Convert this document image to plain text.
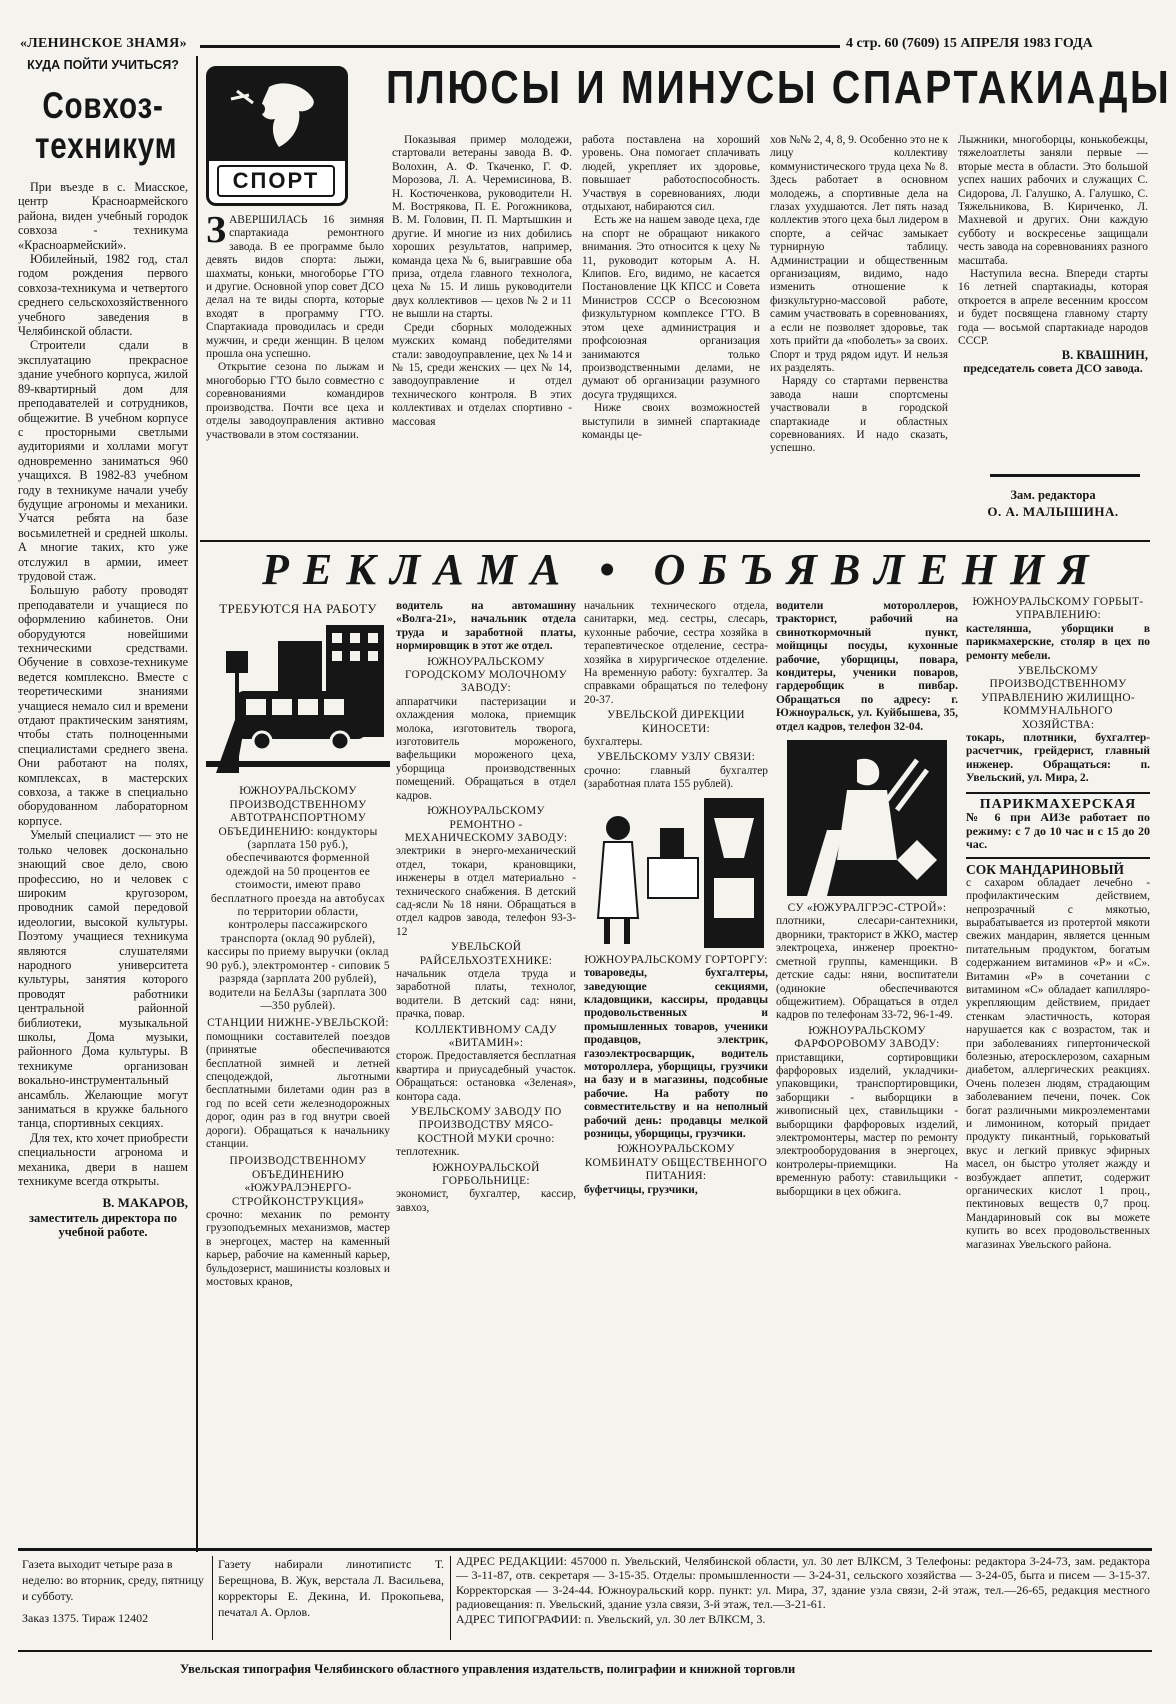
«ЛЕНИНСКОЕ ЗНАМЯ»	4 стр. 60 (7609) 15 АПРЕЛЯ 1983 ГОДА
КУДА ПОЙТИ УЧИТЬСЯ?
Совхоз-
техникум

При въезде в с. Миасское, центр Красноармейского района, виден учебный городок совхоза - техникума «Красноармейский».

Юбилейный, 1982 год, стал годом рождения первого совхоза-техникума и четвертого среднего сельскохозяйственного учебного заведения в Челябинской области.

Строители сдали в эксплуатацию прекрасное здание учебного корпуса, жилой 89-квартирный дом для преподавателей и сотрудников, общежитие. В учебном корпусе с просторными светлыми аудиториями и холлами могут одновременно заниматься 960 учащихся. В 1982-83 учебном году в техникуме начали учебу будущие агрономы и механики. Учатся ребята на базе восьмилетней и средней школы. А многие таких, кто уже отслужил в армии, имеет трудовой стаж.

Большую работу проводят преподаватели и учащиеся по оформлению кабинетов. Они оборудуются новейшими техническими средствами. Обучение в совхозе-техникуме ведется комплексно. Вместе с теоретическими знаниями учащиеся немало сил и времени отдают практическим занятиям, чтобы стать полноценными специалистами среднего звена. Они работают на полях, комплексах, в мастерских совхоза, а также в специально оборудованном лабораторном корпусе.

Умелый специалист — это не только человек досконально знающий свое дело, свою профессию, но и человек с широким кругозором, проводник самой передовой идеологии, высокой культуры. Поэтому учащиеся техникума являются слушателями народного университета культуры, занятия которого проводят работники центральной районной библиотеки, музыкальной школы, Дома музыки, районного Дома культуры. В техникуме организован вокально-инструментальный ансамбль. Желающие могут заниматься в кружке бального танца, спортивных секциях.

Для тех, кто хочет приобрести специальности агронома и механика, двери в нашем техникуме всегда открыты.

В. МАКАРОВ,
заместитель директора по учебной работе.
СПОРТ
ПЛЮСЫ И МИНУСЫ СПАРТАКИАДЫ
З АВЕРШИЛАСЬ 16 зимняя спартакиада ремонтного завода. В ее программе было девять видов спорта: лыжи, шахматы, коньки, многоборье ГТО и другие. Основной упор совет ДСО делал на те виды спорта, которые входят в программу ГТО. Спартакиада проводилась и среди мужчин, и среди женщин. В целом прошла она успешно.

Открытие сезона по лыжам и многоборью ГТО было совместно с соревнованиями командиров производства. Почти все цеха и отделы заводоуправления активно участвовали в этом состязании.

Показывая пример молодежи, стартовали ветераны завода В. Ф. Волохин, А. Ф. Ткаченко, Г. Ф. Морозова, Л. А. Черемисинова, В. Н. Костюченкова, руководители Н. М. Вострякова, П. Е. Рогожникова, В. М. Головин, П. П. Мартышкин и другие. И многие из них добились хороших результатов, например, команда цеха № 6, выигравшие оба приза, отдела главного технолога, цеха № 15. И лишь руководители двух коллективов — цехов № 2 и 11 не вышли на старты.

Среди сборных молодежных мужских команд победителями стали: заводоуправление, цех № 14 и № 15, среди женских — цех № 14, заводоуправление и отдел технического контроля. В этих коллективах и отделах спортивно - массовая

работа поставлена на хороший уровень. Она помогает сплачивать людей, укрепляет их здоровье, повышает работоспособность. Участвуя в соревнованиях, люди отдыхают, набираются сил.

Есть же на нашем заводе цеха, где на спорт не обращают никакого внимания. Это относится к цеху № 11, руководит которым А. Н. Клипов. Его, видимо, не касается Постановление ЦК КПСС и Совета Министров СССР о Всесоюзном физкультурном комплексе ГТО. В этом цехе администрация и профсоюзная организация занимаются только производственными делами, не думают об организации разумного досуга трудящихся.

Ниже своих возможностей выступили в зимней спартакиаде команды це-

хов №№ 2, 4, 8, 9. Особенно это не к лицу коллективу коммунистического труда цеха № 8. Здесь работает в основном молодежь, а спортивные дела на глазах ухудшаются. Лет пять назад коллектив этого цеха был лидером в спорте, а сейчас замыкает турнирную таблицу. Администрации и общественным организациям, видимо, надо изменить отношение к физкультурно-массовой работе, самим участвовать в соревнованиях, а если не позволяет здоровье, так хоть прийти да «поболеть» за своих. Спорт и труд рядом идут. И нельзя их разделять.

Наряду со стартами первенства завода наши спортсмены участвовали в городской спартакиаде и областных соревнованиях. И надо сказать, успешно.

Лыжники, многоборцы, конькобежцы, тяжелоатлеты заняли первые — вторые места в области. Это большой успех наших рабочих и служащих С. Сидорова, Л. Галушко, А. Галушко, С. Тяжельникова, В. Кириченко, Л. Махневой и других. Они каждую субботу и воскресенье защищали честь завода на соревнованиях разного масштаба.

Наступила весна. Впереди старты 16 летней спартакиады, которая откроется в апреле весенним кроссом и будет посвящена главному старту года — восьмой спартакиаде народов СССР.

В. КВАШНИН,
председатель совета ДСО завода.
Зам. редактора
О. А. МАЛЫШИНА.
РЕКЛАМА • ОБЪЯВЛЕНИЯ
ТРЕБУЮТСЯ НА РАБОТУ

ЮЖНОУРАЛЬСКОМУ ПРОИЗВОДСТВЕННОМУ АВТОТРАНСПОРТНОМУ ОБЪЕДИНЕНИЮ: кондукторы (зарплата 150 руб.), обеспечиваются форменной одеждой на 50 процентов ее стоимости, имеют право бесплатного проезда на автобусах по территории области, контролеры пассажирского транспорта (оклад 90 рублей), кассиры по приему выручки (оклад 90 руб.), электромонтер - сиповик 5 разряда (зарплата 200 рублей), водители на БелАЗы (зарплата 300—350 рублей).

СТАНЦИИ НИЖНЕ-УВЕЛЬСКОЙ:

помощники составителей поездов (принятые обеспечиваются бесплатной зимней и летней спецодеждой, льготными бесплатными билетами один раз в год по всей сети железнодорожных дорог, один раз в год внутри своей дороги). Обращаться к начальнику станции.

ПРОИЗВОДСТВЕННОМУ ОБЪЕДИНЕНИЮ «ЮЖУРАЛЭНЕРГО-СТРОЙКОНСТРУКЦИЯ»

срочно: механик по ремонту грузоподъемных механизмов, мастер в энергоцех, мастер на каменный карьер, рабочие на каменный карьер, бульдозерист, машинисты козловых и мостовых кранов,

водитель на автомашину «Волга-21», начальник отдела труда и заработной платы, нормировщик в этот же отдел.

ЮЖНОУРАЛЬСКОМУ ГОРОДСКОМУ МОЛОЧНОМУ ЗАВОДУ:

аппаратчики пастеризации и охлаждения молока, приемщик молока, изготовитель творога, изготовитель мороженого, вафельщики мороженого цеха, уборщица производственных помещений. Обращаться в отдел кадров.

ЮЖНОУРАЛЬСКОМУ РЕМОНТНО - МЕХАНИЧЕСКОМУ ЗАВОДУ:

электрики в энерго-механический отдел, токари, крановщики, инженеры в отдел материально - технического снабжения. В детский сад-ясли № 18 няни. Обращаться в отдел кадров завода, телефон 93-3-12

УВЕЛЬСКОЙ РАЙСЕЛЬХОЗТЕХНИКЕ:

начальник отдела труда и заработной платы, технолог, водители. В детский сад: няни, прачка, повар.

КОЛЛЕКТИВНОМУ САДУ «ВИТАМИН»:

сторож. Предоставляется бесплатная квартира и приусадебный участок. Обращаться: остановка «Зеленая», контора сада.

УВЕЛЬСКОМУ ЗАВОДУ ПО ПРОИЗВОДСТВУ МЯСО-КОСТНОЙ МУКИ срочно:

теплотехник.

ЮЖНОУРАЛЬСКОЙ ГОРБОЛЬНИЦЕ:

экономист, бухгалтер, кассир, завхоз,

начальник технического отдела, санитарки, мед. сестры, слесарь, кухонные рабочие, сестра хозяйка в терапевтическое отделение, сестра-хозяйка в хирургическое отделение. На временную работу: бухгалтер. За справками обращаться по телефону 20-37.

УВЕЛЬСКОЙ ДИРЕКЦИИ КИНОСЕТИ:

бухгалтеры.

УВЕЛЬСКОМУ УЗЛУ СВЯЗИ:

срочно: главный бухгалтер (заработная плата 155 рублей).

ЮЖНОУРАЛЬСКОМУ ГОРТОРГУ:

товароведы, бухгалтеры, заведующие секциями, кладовщики, кассиры, продавцы продовольственных и промышленных товаров, ученики продавцов, электрик, газоэлектросварщик, водитель мотороллера, уборщицы, грузчики на базу и в магазины, подсобные рабочие. На работу по совместительству и на неполный рабочий день: продавцы мелкой розницы, уборщицы, грузчики.

ЮЖНОУРАЛЬСКОМУ КОМБИНАТУ ОБЩЕСТВЕННОГО ПИТАНИЯ:

буфетчицы, грузчики,

водители мотороллеров, тракторист, рабочий на свиноткормочный пункт, мойщицы посуды, кухонные рабочие, уборщицы, повара, кондитеры, ученики поваров, гардеробщик в пивбар. Обращаться по адресу: г. Южноуральск, ул. Куйбышева, 35, отдел кадров, телефон 32-04.

СУ «ЮЖУРАЛГРЭС-СТРОЙ»:

плотники, слесари-сантехники, дворники, тракторист в ЖКО, мастер электроцеха, инженер проектно-сметной группы, каменщики. В детские сады: няни, воспитатели (одинокие обеспечиваются общежитием). Обращаться в отдел кадров по телефонам 33-72, 96-1-49.

ЮЖНОУРАЛЬСКОМУ ФАРФОРОВОМУ ЗАВОДУ:

приставщики, сортировщики фарфоровых изделий, укладчики-упаковщики, транспортировщики, заборщики - выборщики в живописный цех, ставильщики - выборщики фарфоровых изделий, электромонтеры, мастер по ремонту электрооборудования в энергоцех, контролеры-приемщики. На временную работу: ставильщики - выборщики в цех обжига.

ЮЖНОУРАЛЬСКОМУ ГОРБЫТ-УПРАВЛЕНИЮ:

кастелянша, уборщики в парикмахерские, столяр в цех по ремонту мебели.

УВЕЛЬСКОМУ ПРОИЗВОДСТВЕННОМУ УПРАВЛЕНИЮ ЖИЛИЩНО- КОММУНАЛЬНОГО ХОЗЯЙСТВА:

токарь, плотники, бухгалтер-расчетчик, грейдерист, главный инженер. Обращаться: п. Увельский, ул. Мира, 2.

ПАРИКМАХЕРСКАЯ

№ 6 при АИЗе работает по режиму: с 7 до 10 час и с 15 до 20 час.

СОК МАНДАРИНОВЫЙ

с сахаром обладает лечебно - профилактическим действием, непрозрачный с мякотью, вырабатывается из протертой мякоти свежих мандарин, является ценным питательным продуктом, богатым содержанием витаминов «Р» и «С». Витамин «Р» в сочетании с витамином «С» обладает капилляро-укрепляющим действием, придает стенкам эластичность, которая нарушается как с возрастом, так и при заболеваниях гипертонической болезнью, атеросклерозом, сахарным диабетом, аллергических реакциях. Очень полезен людям, страдающим заболеванием печени, почек. Сок богат различными микроэлементами и лимонином, который придает продукту пикантный, горьковатый вкус и легкий привкус эфирных масел, он быстро утоляет жажду и возбуждает аппетит, содержит органических кислот 1 проц., пектиновых веществ 0,7 проц. Мандариновый сок вы можете купить во всех продовольственных магазинах Увельского района.

Газета выходит четыре раза в неделю: во вторник, среду, пятницу и субботу.
Заказ 1375. Тираж 12402
Газету набирали линотипистс Т. Берещнова, В. Жук, верстала Л. Васильева, корректоры Е. Декина, И. Прокопьева, печатал А. Орлов.
АДРЕС РЕДАКЦИИ: 457000 п. Увельский, Челябинской области, ул. 30 лет ВЛКСМ, 3 Телефоны: редактора 3-24-73, зам. редактора — 3-11-87, отв. секретаря — 3-15-35. Отделы: промышленности — 3-24-31, сельского хозяйства — 3-24-05, быта и писем — 3-15-37. Корректорская — 3-24-44. Южноуральский корр. пункт: ул. Мира, 37, здание узла связи, 2-й этаж, тел.—26-65, редакция местного радиовещания: п. Увельский, здание узла связи, 3-й этаж, тел.—3-21-61.
АДРЕС ТИПОГРАФИИ: п. Увельский, ул. 30 лет ВЛКСМ, 3.
Увельская типография Челябинского областного управления издательств, полиграфии и книжной торговли
